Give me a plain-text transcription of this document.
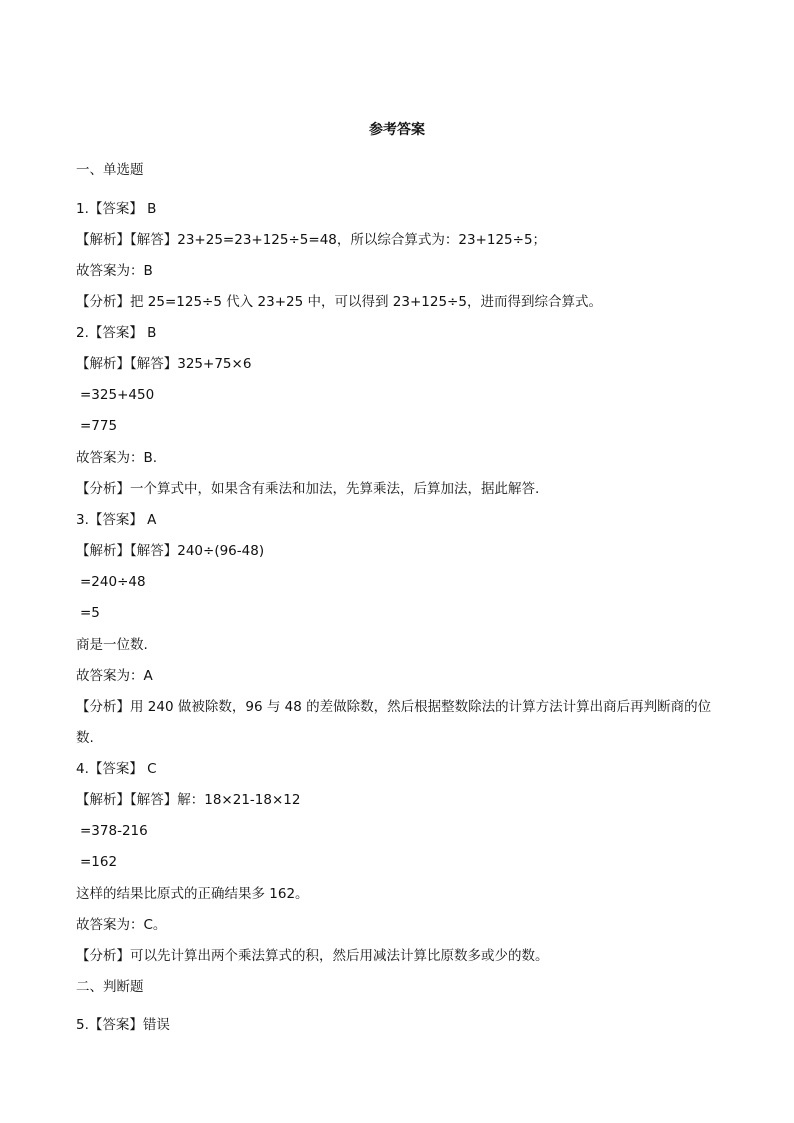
参考答案
一、单选题
1.【答案】 B
【解析】【解答】23+25=23+125÷5=48，所以综合算式为：23+125÷5；
故答案为：B
【分析】把 25=125÷5 代入 23+25 中，可以得到 23+125÷5，进而得到综合算式。
2.【答案】 B
【解析】【解答】325+75×6
=325+450
=775
故答案为：B.
【分析】一个算式中，如果含有乘法和加法，先算乘法，后算加法，据此解答.
3.【答案】 A
【解析】【解答】240÷(96-48)
=240÷48
=5
商是一位数.
故答案为：A
【分析】用 240 做被除数，96 与 48 的差做除数，然后根据整数除法的计算方法计算出商后再判断商的位
数.
4.【答案】 C
【解析】【解答】解：18×21-18×12
=378-216
=162
这样的结果比原式的正确结果多 162。
故答案为：C。
【分析】可以先计算出两个乘法算式的积，然后用减法计算比原数多或少的数。
二、判断题
5.【答案】错误
